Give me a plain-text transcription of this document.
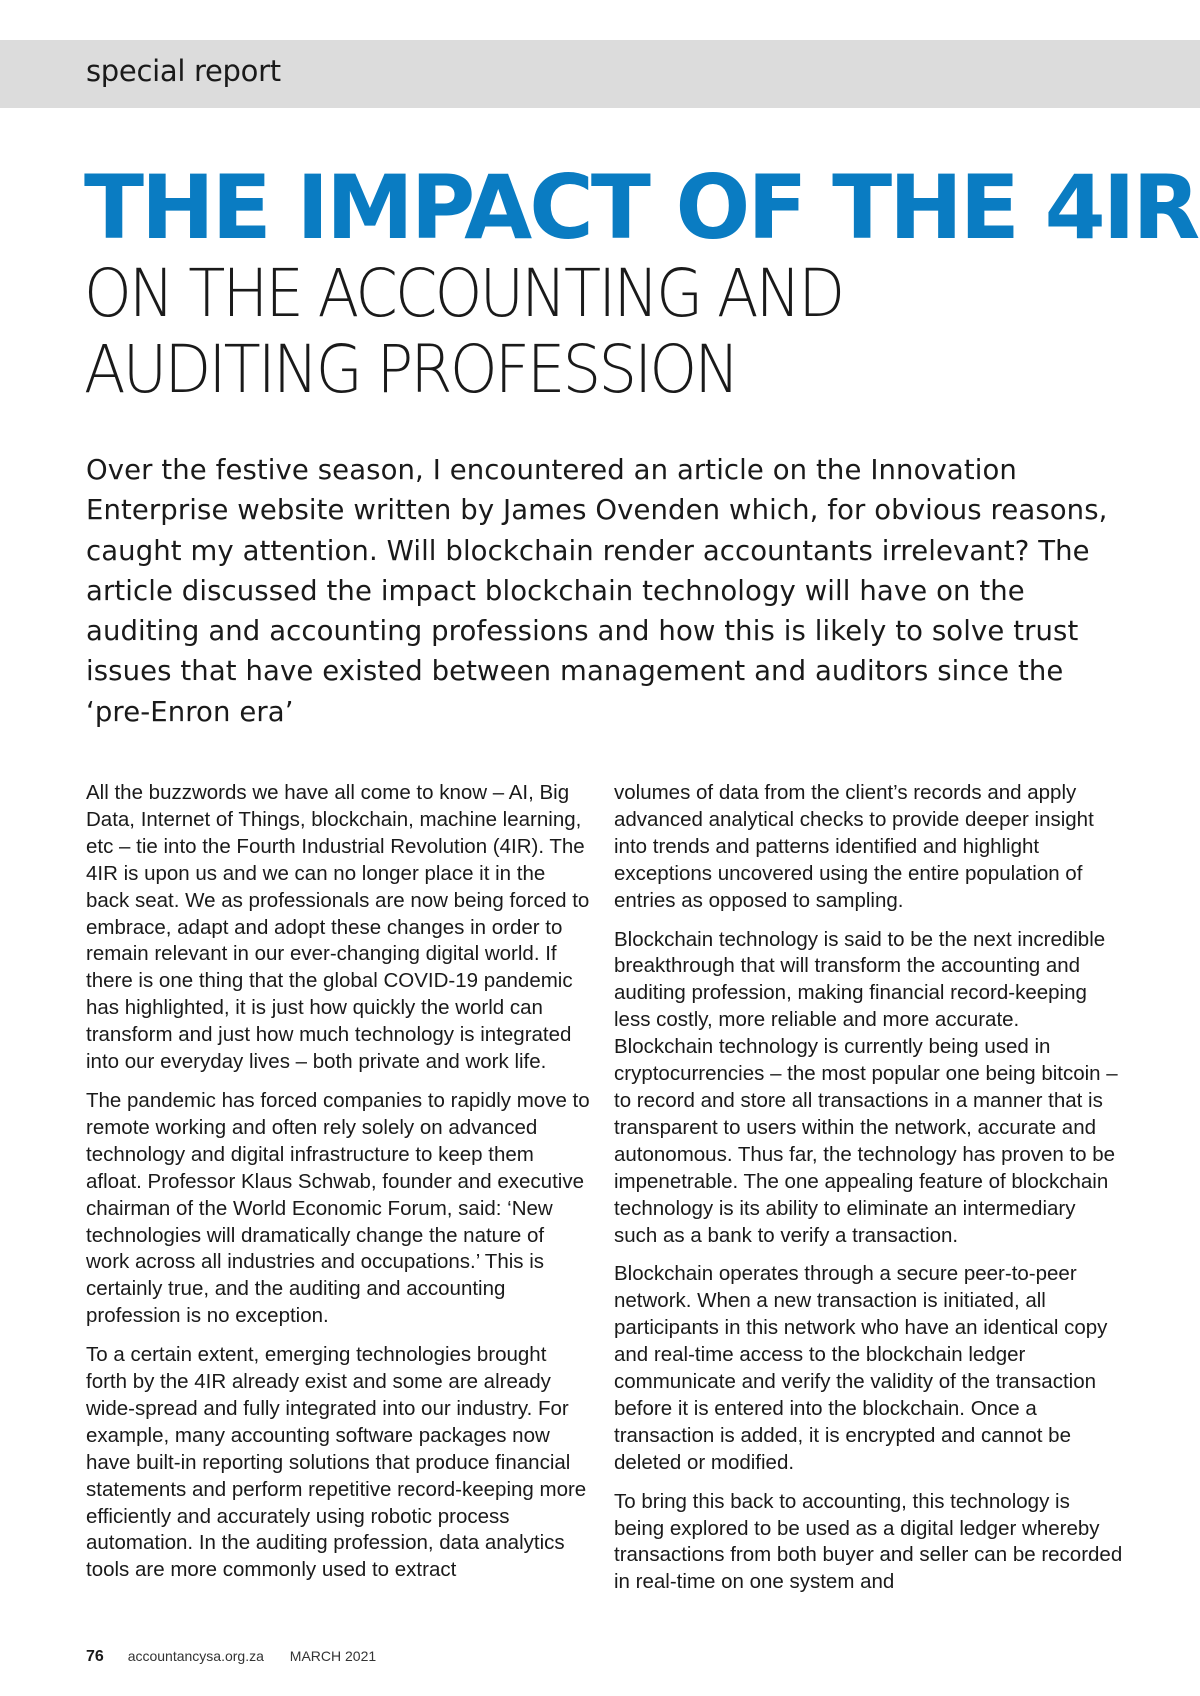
special report
THE IMPACT OF THE 4IR
ON THE ACCOUNTING AND
AUDITING PROFESSION

Over the festive season, I encountered an article on the Innovation Enterprise website written by James Ovenden which, for obvious reasons, caught my attention. Will blockchain render accountants irrelevant? The article discussed the impact blockchain technology will have on the auditing and accounting professions and how this is likely to solve trust issues that have existed between management and auditors since the ‘pre-Enron era’

All the buzzwords we have all come to know – AI, Big Data, Internet of Things, blockchain, machine learning, etc – tie into the Fourth Industrial Revolution (4IR). The 4IR is upon us and we can no longer place it in the back seat. We as professionals are now being forced to embrace, adapt and adopt these changes in order to remain relevant in our ever-changing digital world. If there is one thing that the global COVID-19 pandemic has highlighted, it is just how quickly the world can transform and just how much technology is integrated into our everyday lives – both private and work life.

The pandemic has forced companies to rapidly move to remote working and often rely solely on advanced technology and digital infrastructure to keep them afloat. Professor Klaus Schwab, founder and executive chairman of the World Economic Forum, said: ‘New technologies will dramatically change the nature of work across all industries and occupations.’ This is certainly true, and the auditing and accounting profession is no exception.

To a certain extent, emerging technologies brought forth by the 4IR already exist and some are already wide-spread and fully integrated into our industry. For example, many accounting software packages now have built-in reporting solutions that produce financial statements and perform repetitive record-keeping more efficiently and accurately using robotic process automation. In the auditing profession, data analytics tools are more commonly used to extract

volumes of data from the client’s records and apply advanced analytical checks to provide deeper insight into trends and patterns identified and highlight exceptions uncovered using the entire population of entries as opposed to sampling.

Blockchain technology is said to be the next incredible breakthrough that will transform the accounting and auditing profession, making financial record-keeping less costly, more reliable and more accurate. Blockchain technology is currently being used in cryptocurrencies – the most popular one being bitcoin – to record and store all transactions in a manner that is transparent to users within the network, accurate and autonomous. Thus far, the technology has proven to be impenetrable. The one appealing feature of blockchain technology is its ability to eliminate an intermediary such as a bank to verify a transaction.

Blockchain operates through a secure peer-to-peer network. When a new transaction is initiated, all participants in this network who have an identical copy and real-time access to the blockchain ledger communicate and verify the validity of the transaction before it is entered into the blockchain. Once a transaction is added, it is encrypted and cannot be deleted or modified.

To bring this back to accounting, this technology is being explored to be used as a digital ledger whereby transactions from both buyer and seller can be recorded in real-time on one system and

76 accountancysa.org.za MARCH 2021
